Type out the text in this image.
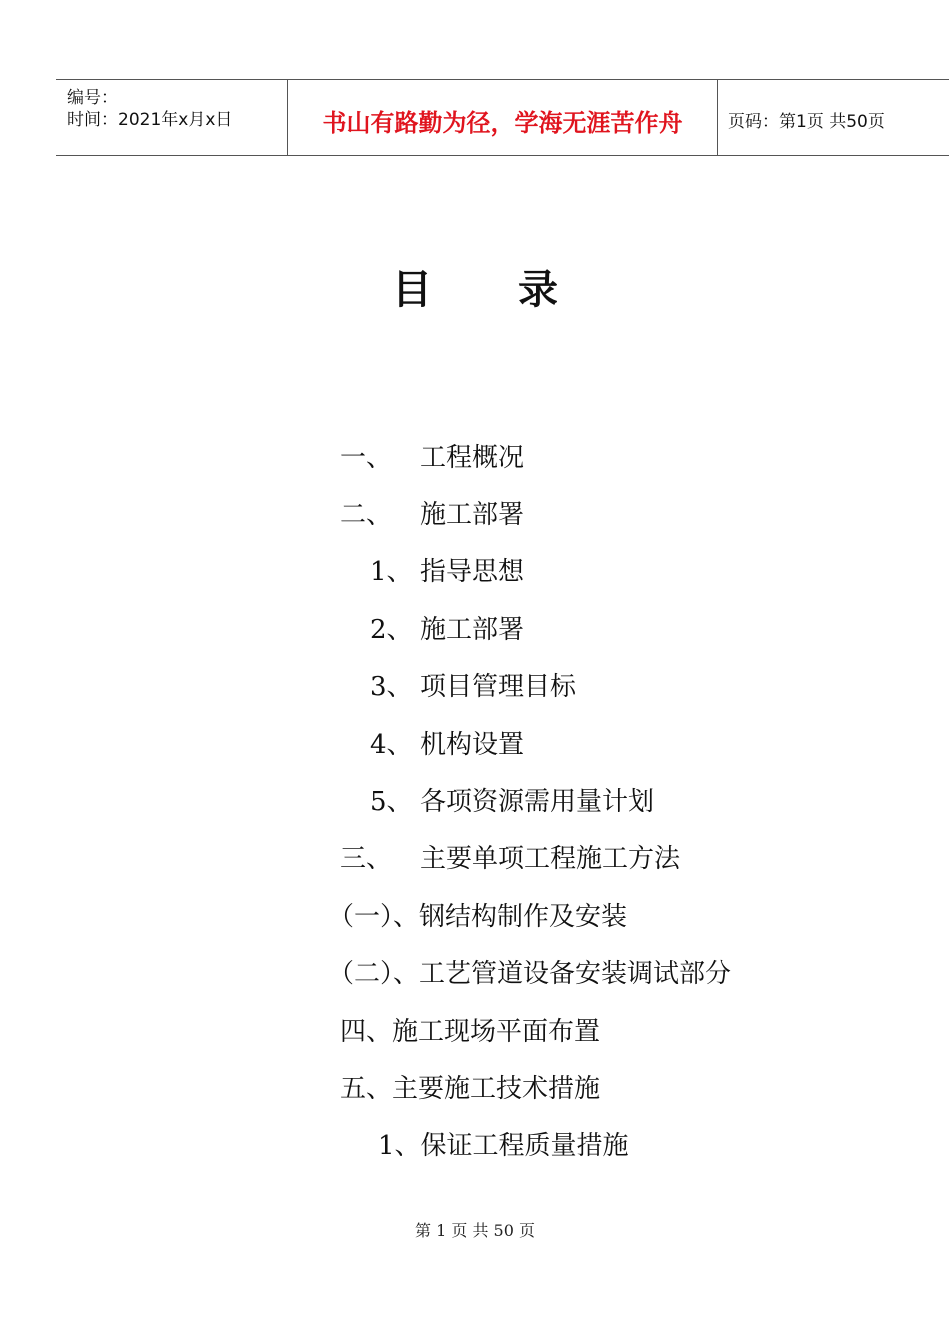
编号：
时间：2021年x月x日	书山有路勤为径，学海无涯苦作舟	页码：第1页 共50页
目录
一、 工程概况
二、 施工部署
1、 指导思想
2、 施工部署
3、 项目管理目标
4、 机构设置
5、 各项资源需用量计划
三、 主要单项工程施工方法
（一）、钢结构制作及安装
（二）、工艺管道设备安装调试部分
四、施工现场平面布置
五、主要施工技术措施
1、保证工程质量措施
第 1 页 共 50 页
